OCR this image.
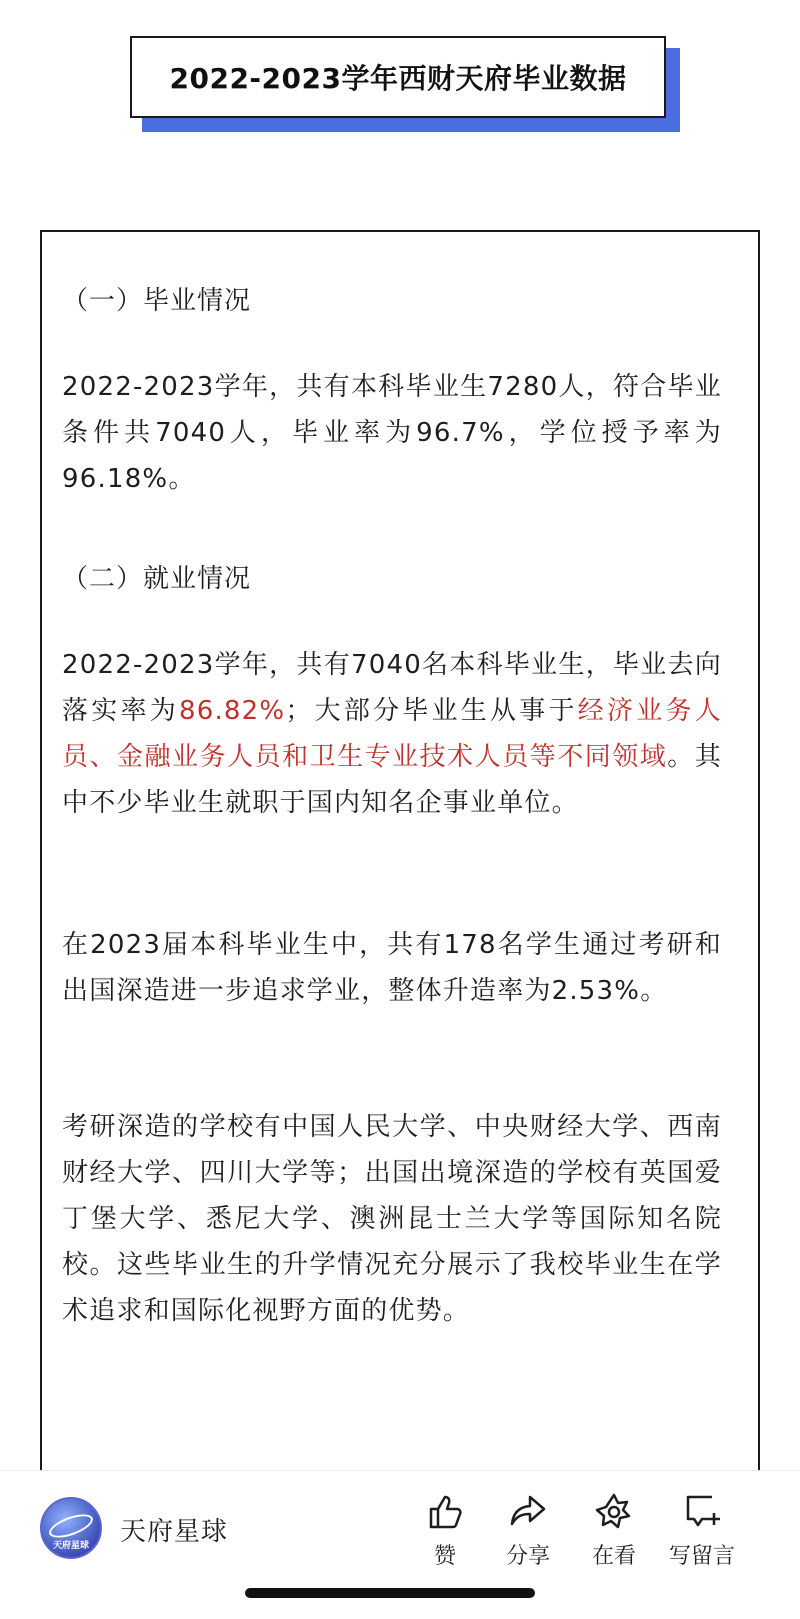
2022-2023学年西财天府毕业数据
（一）毕业情况

2022-2023学年，共有本科毕业生7280人，符合毕业条件共7040人，毕业率为96.7%，学位授予率为 96.18%。

（二）就业情况

2022-2023学年，共有7040名本科毕业生，毕业去向落实率为86.82%；大部分毕业生从事于经济业务人员、金融业务人员和卫生专业技术人员等不同领域。其中不少毕业生就职于国内知名企事业单位。

在2023届本科毕业生中，共有178名学生通过考研和出国深造进一步追求学业，整体升造率为2.53%。

考研深造的学校有中国人民大学、中央财经大学、西南财经大学、四川大学等；出国出境深造的学校有英国爱丁堡大学、悉尼大学、澳洲昆士兰大学等国际知名院校。这些毕业生的升学情况充分展示了我校毕业生在学术追求和国际化视野方面的优势。

天府星球	天府星球
赞	分享	在看	写留言
